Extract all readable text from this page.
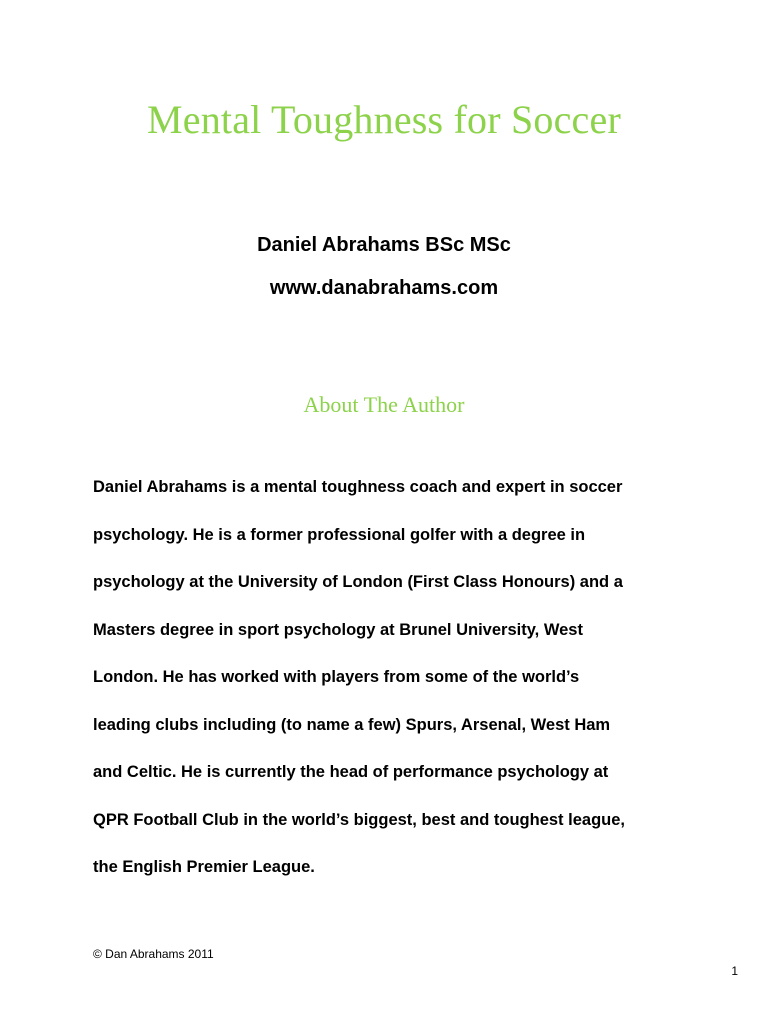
Mental Toughness for Soccer
Daniel Abrahams BSc MSc
www.danabrahams.com
About The Author
Daniel Abrahams is a mental toughness coach and expert in soccer
psychology. He is a former professional golfer with a degree in
psychology at the University of London (First Class Honours) and a
Masters degree in sport psychology at Brunel University, West
London. He has worked with players from some of the world’s
leading clubs including (to name a few) Spurs, Arsenal, West Ham
and Celtic. He is currently the head of performance psychology at
QPR Football Club in the world’s biggest, best and toughest league,
the English Premier League.
© Dan Abrahams 2011
1
